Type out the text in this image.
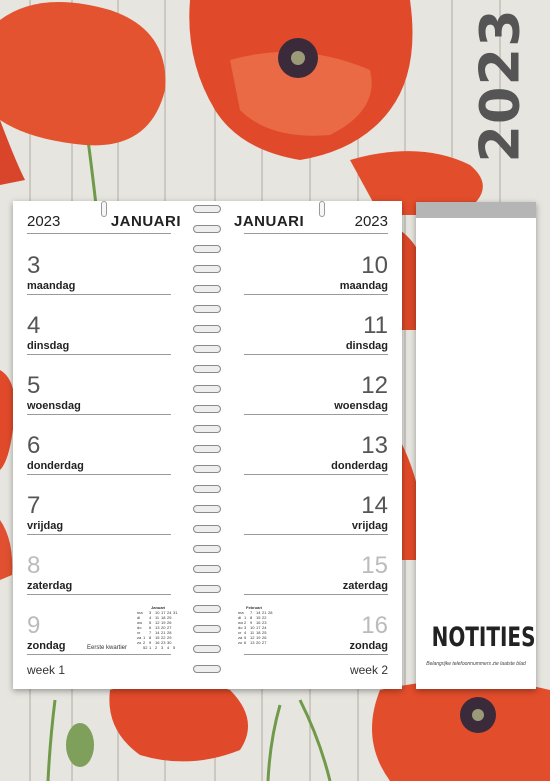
2023
2023	JANUARI
3
maandag
4
dinsdag
5
woensdag
6
donderdag
7
vrijdag
8
zaterdag
9
zondag	Eerste kwartier
Januari
ma 3 10 17 24 31
di 4 11 18 25
wo 5 12 19 26
do 6 13 20 27
vr 7 14 21 28
za 1 8 15 22 29
zo 2 9 16 23 30
52 1 2 3 4 5
week 1
JANUARI	2023
10
maandag
11
dinsdag
12
woensdag
13
donderdag
14
vrijdag
15
zaterdag
16
zondag
Februari
ma 7 14 21 28
di 1 8 15 22
wo2 9 16 23
do 3 10 17 24
vr 4 11 18 25
za 5 12 19 26
zo 6 13 20 27
week 2
NOTITIES
Belangrijke telefoonnummers zie laatste blad
